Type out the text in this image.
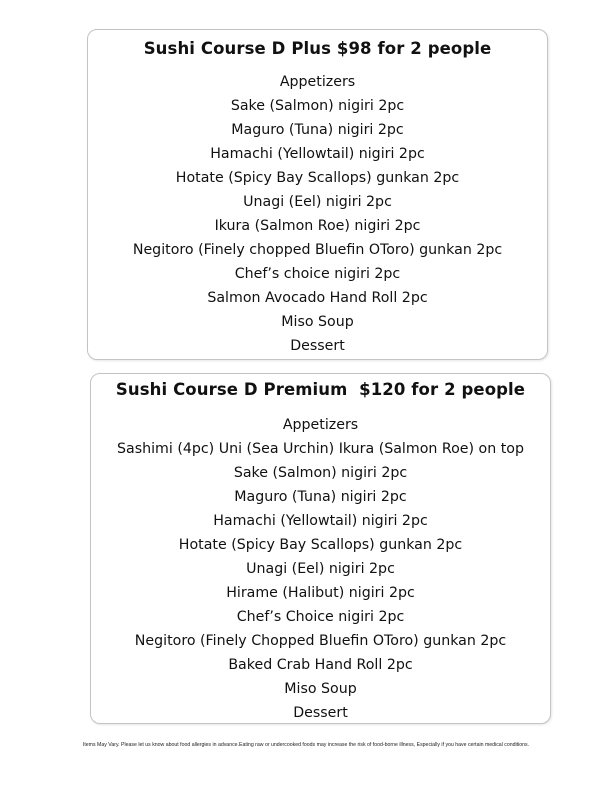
Sushi Course D Plus $98 for 2 people
Appetizers
Sake (Salmon) nigiri 2pc
Maguro (Tuna) nigiri 2pc
Hamachi (Yellowtail) nigiri 2pc
Hotate (Spicy Bay Scallops) gunkan 2pc
Unagi (Eel) nigiri 2pc
Ikura (Salmon Roe) nigiri 2pc
Negitoro (Finely chopped Bluefin OToro) gunkan 2pc
Chef’s choice nigiri 2pc
Salmon Avocado Hand Roll 2pc
Miso Soup
Dessert
Sushi Course D Premium  $120 for 2 people
Appetizers
Sashimi (4pc) Uni (Sea Urchin) Ikura (Salmon Roe) on top
Sake (Salmon) nigiri 2pc
Maguro (Tuna) nigiri 2pc
Hamachi (Yellowtail) nigiri 2pc
Hotate (Spicy Bay Scallops) gunkan 2pc
Unagi (Eel) nigiri 2pc
Hirame (Halibut) nigiri 2pc
Chef’s Choice nigiri 2pc
Negitoro (Finely Chopped Bluefin OToro) gunkan 2pc
Baked Crab Hand Roll 2pc
Miso Soup
Dessert

Items May Vary. Please let us know about food allergies in advance.Eating raw or undercooked foods may increase the risk of food-borne illness, Especially if you have certain medical conditions.
